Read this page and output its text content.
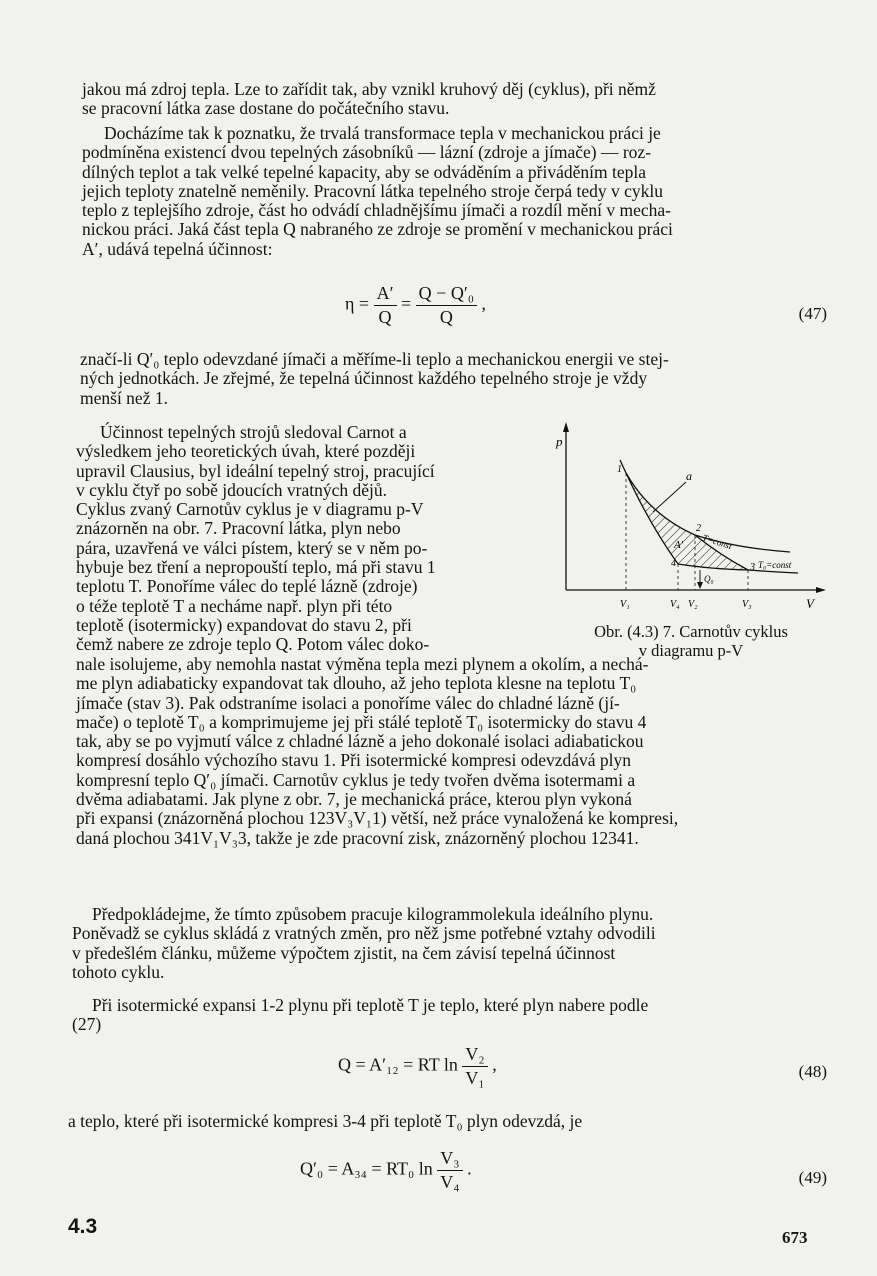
jakou má zdroj tepla. Lze to zařídit tak, aby vznikl kruhový děj (cyklus), při němž
se pracovní látka zase dostane do počátečního stavu.
Docházíme tak k poznatku, že trvalá transformace tepla v mechanickou práci je
podmíněna existencí dvou tepelných zásobníků — lázní (zdroje a jímače) — roz-
dílných teplot a tak velké tepelné kapacity, aby se odváděním a přiváděním tepla
jejich teploty znatelně neměnily. Pracovní látka tepelného stroje čerpá tedy v cyklu
teplo z teplejšího zdroje, část ho odvádí chladnějšímu jímači a rozdíl mění v mecha-
nickou práci. Jaká část tepla Q nabraného ze zdroje se promění v mechanickou práci
A′, udává tepelná účinnost:
$\eta = \frac{A'}{Q} = \frac{\text{Q − Q′₀}}{Q}$ ,	(47)
značí-li Q′₀ teplo odevzdané jímači a měříme-li teplo a mechanickou energii ve stej-
ných jednotkách. Je zřejmé, že tepelná účinnost každého tepelného stroje je vždy
menší než 1.
Účinnost tepelných strojů sledoval Carnot a
výsledkem jeho teoretických úvah, které později
upravil Clausius, byl ideální tepelný stroj, pracující
v cyklu čtyř po sobě jdoucích vratných dějů.
Cyklus zvaný Carnotův cyklus je v diagramu p-V
znázorněn na obr. 7. Pracovní látka, plyn nebo
pára, uzavřená ve válci pístem, který se v něm po-
hybuje bez tření a nepropouští teplo, má při stavu 1
teplotu T. Ponoříme válec do teplé lázně (zdroje)
o téže teplotě T a necháme např. plyn při této
teplotě (isotermicky) expandovat do stavu 2, při
čemž nabere ze zdroje teplo Q. Potom válec doko-
p
V
Q₀
a
1
2
3
4
A′ T=const
T₀=const
V₁	V₄ V₂	V₃
Obr. (4.3) 7. Carnotův cyklus
v diagramu p-V
nale isolujeme, aby nemohla nastat výměna tepla mezi plynem a okolím, a nechá-
me plyn adiabaticky expandovat tak dlouho, až jeho teplota klesne na teplotu T₀
jímače (stav 3). Pak odstraníme isolaci a ponoříme válec do chladné lázně (jí-
mače) o teplotě T₀ a komprimujeme jej při stálé teplotě T₀ isotermicky do stavu 4
tak, aby se po vyjmutí válce z chladné lázně a jeho dokonalé isolaci adiabatickou
kompresí dosáhlo výchozího stavu 1. Při isotermické kompresi odevzdává plyn
kompresní teplo Q′₀ jímači. Carnotův cyklus je tedy tvořen dvěma isotermami a
dvěma adiabatami. Jak plyne z obr. 7, je mechanická práce, kterou plyn vykoná
při expansi (znázorněná plochou 123V₃V₁1) větší, než práce vynaložená ke kompresi,
daná plochou 341V₁V₃3, takže je zde pracovní zisk, znázorněný plochou 12341.
Předpokládejme, že tímto způsobem pracuje kilogrammolekula ideálního plynu.
Poněvadž se cyklus skládá z vratných změn, pro něž jsme potřebné vztahy odvodili
v předešlém článku, můžeme výpočtem zjistit, na čem závisí tepelná účinnost
tohoto cyklu.
Při isotermické expansi 1-2 plynu při teplotě T je teplo, které plyn nabere podle
(27)
Q = A′₁₂ = RT $\ln \frac{\text{V₂}}{\text{V₁}}$ ,	(48)
a teplo, které při isotermické kompresi 3-4 při teplotě T₀ plyn odevzdá, je
Q′₀ = A₃₄ = RT₀ $\ln \frac{\text{V₃}}{\text{V₄}}$ .	(49)
4.3	673
